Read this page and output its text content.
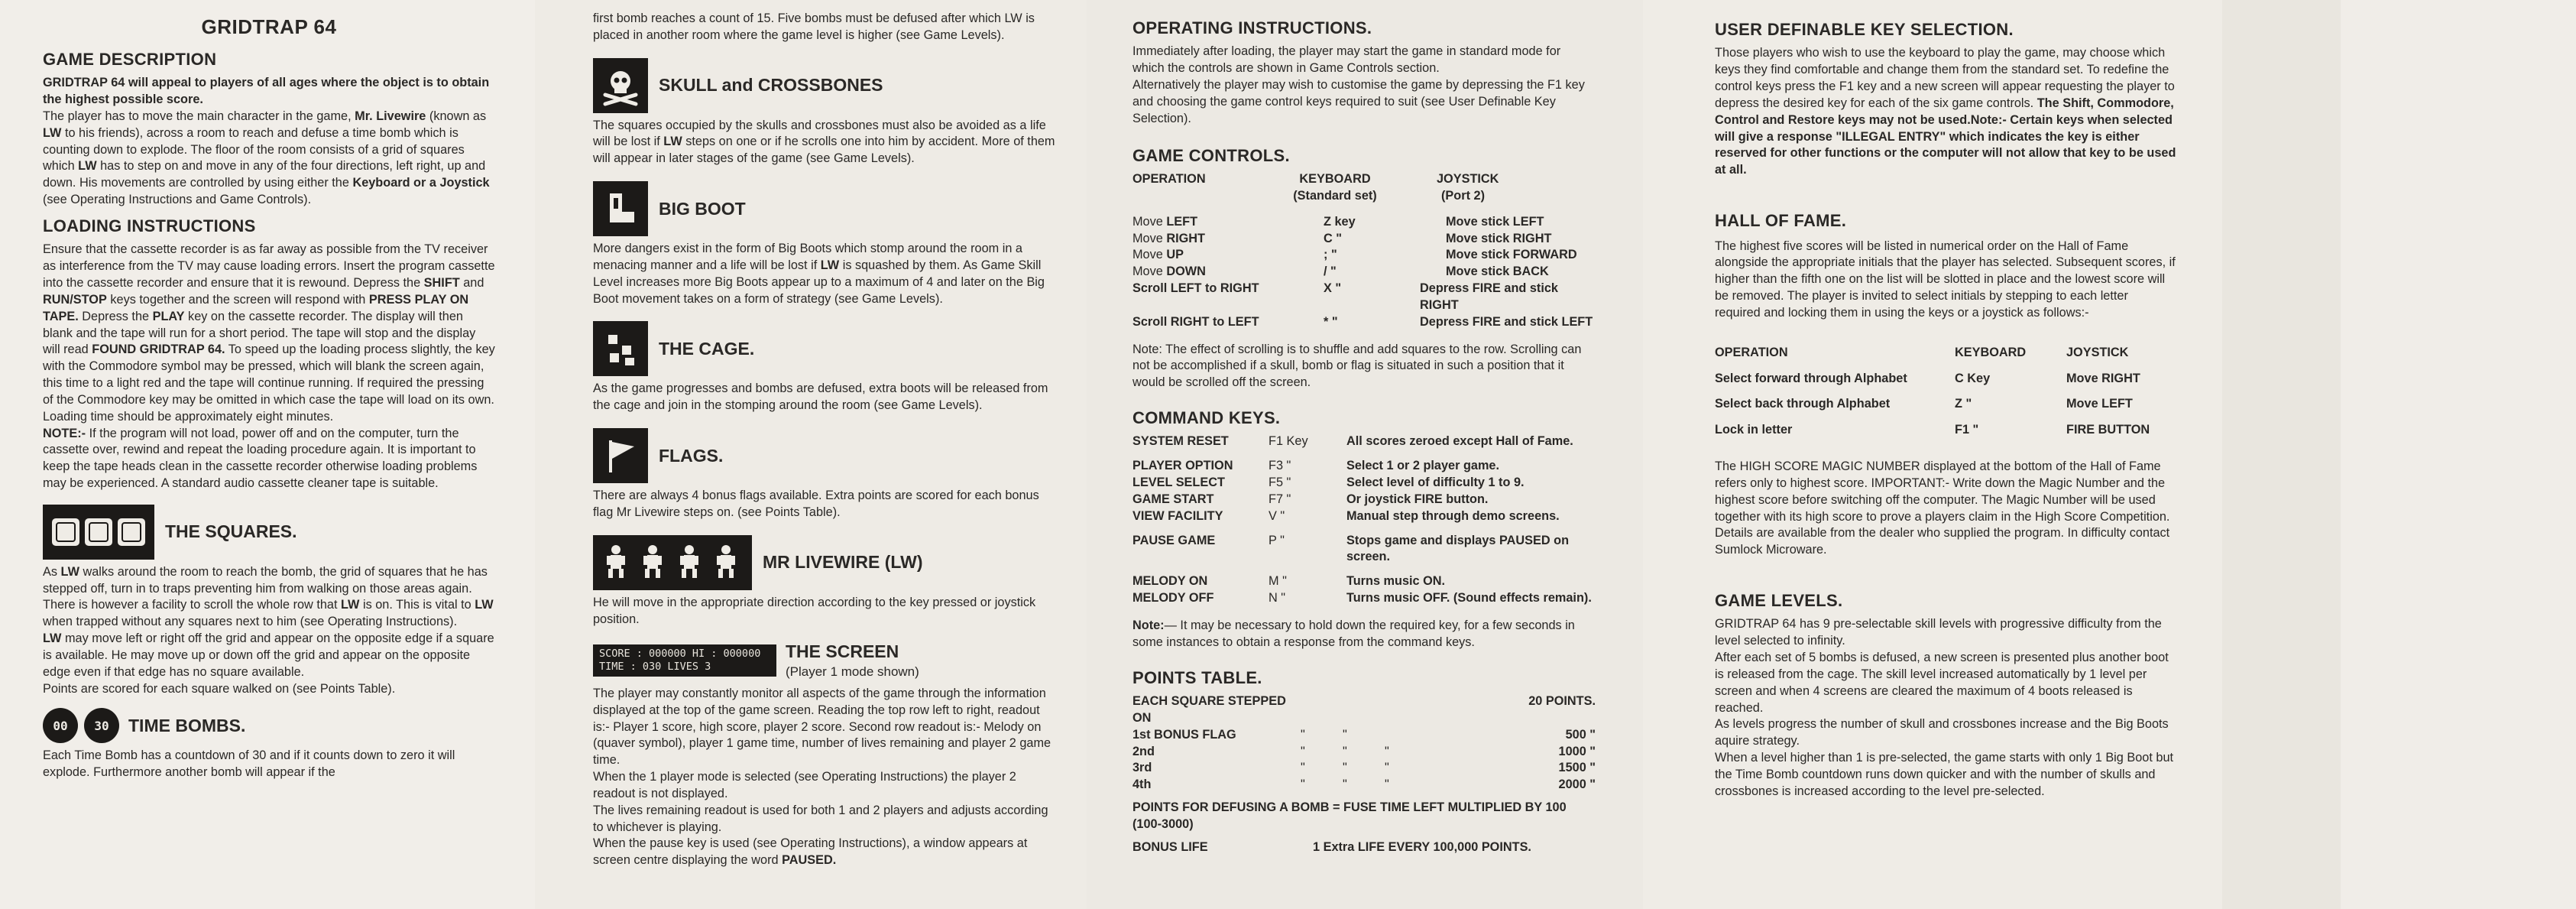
GRIDTRAP 64
GAME DESCRIPTION

GRIDTRAP 64 will appeal to players of all ages where the object is to obtain the highest possible score.

The player has to move the main character in the game, Mr. Livewire (known as LW to his friends), across a room to reach and defuse a time bomb which is counting down to explode. The floor of the room consists of a grid of squares which LW has to step on and move in any of the four directions, left right, up and down. His movements are controlled by using either the Keyboard or a Joystick (see Operating Instructions and Game Controls).

LOADING INSTRUCTIONS

Ensure that the cassette recorder is as far away as possible from the TV receiver as interference from the TV may cause loading errors. Insert the program cassette into the cassette recorder and ensure that it is rewound. Depress the SHIFT and RUN/STOP keys together and the screen will respond with PRESS PLAY ON TAPE. Depress the PLAY key on the cassette recorder. The display will then blank and the tape will run for a short period. The tape will stop and the display will read FOUND GRIDTRAP 64. To speed up the loading process slightly, the key with the Commodore symbol may be pressed, which will blank the screen again, this time to a light red and the tape will continue running. If required the pressing of the Commodore key may be omitted in which case the tape will load on its own. Loading time should be approximately eight minutes.

NOTE:- If the program will not load, power off and on the computer, turn the cassette over, rewind and repeat the loading procedure again. It is important to keep the tape heads clean in the cassette recorder otherwise loading problems may be experienced. A standard audio cassette cleaner tape is suitable.

THE SQUARES.

As LW walks around the room to reach the bomb, the grid of squares that he has stepped off, turn in to traps preventing him from walking on those areas again. There is however a facility to scroll the whole row that LW is on. This is vital to LW when trapped without any squares next to him (see Operating Instructions).

LW may move left or right off the grid and appear on the opposite edge if a square is available. He may move up or down off the grid and appear on the opposite edge even if that edge has no square available.

Points are scored for each square walked on (see Points Table).

00 30 TIME BOMBS.

Each Time Bomb has a countdown of 30 and if it counts down to zero it will explode. Furthermore another bomb will appear if the

first bomb reaches a count of 15. Five bombs must be defused after which LW is placed in another room where the game level is higher (see Game Levels).

SKULL and CROSSBONES

The squares occupied by the skulls and crossbones must also be avoided as a life will be lost if LW steps on one or if he scrolls one into him by accident. More of them will appear in later stages of the game (see Game Levels).

BIG BOOT

More dangers exist in the form of Big Boots which stomp around the room in a menacing manner and a life will be lost if LW is squashed by them. As Game Skill Level increases more Big Boots appear up to a maximum of 4 and later on the Big Boot movement takes on a form of strategy (see Game Levels).

THE CAGE.

As the game progresses and bombs are defused, extra boots will be released from the cage and join in the stomping around the room (see Game Levels).

FLAGS.

There are always 4 bonus flags available. Extra points are scored for each bonus flag Mr Livewire steps on. (see Points Table).

MR LIVEWIRE (LW)

He will move in the appropriate direction according to the key pressed or joystick position.

SCORE : 000000 HI : 000000
TIME : 030 LIVES 3
THE SCREEN
(Player 1 mode shown)

The player may constantly monitor all aspects of the game through the information displayed at the top of the game screen. Reading the top row left to right, readout is:- Player 1 score, high score, player 2 score. Second row readout is:- Melody on (quaver symbol), player 1 game time, number of lives remaining and player 2 game time.

When the 1 player mode is selected (see Operating Instructions) the player 2 readout is not displayed.

The lives remaining readout is used for both 1 and 2 players and adjusts according to whichever is playing.

When the pause key is used (see Operating Instructions), a window appears at screen centre displaying the word PAUSED.

OPERATING INSTRUCTIONS.

Immediately after loading, the player may start the game in standard mode for which the controls are shown in Game Controls section.

Alternatively the player may wish to customise the game by depressing the F1 key and choosing the game control keys required to suit (see User Definable Key Selection).

GAME CONTROLS.
OPERATION	KEYBOARD	JOYSTICK
	(Standard set)	(Port 2)

Move LEFT	Z key	Move stick LEFT
Move RIGHT	C "	Move stick RIGHT
Move UP	; "	Move stick FORWARD
Move DOWN	/ "	Move stick BACK
Scroll LEFT to RIGHT	X "	Depress FIRE and stick RIGHT
Scroll RIGHT to LEFT	* "	Depress FIRE and stick LEFT

Note: The effect of scrolling is to shuffle and add squares to the row. Scrolling can not be accomplished if a skull, bomb or flag is situated in such a position that it would be scrolled off the screen.

COMMAND KEYS.
SYSTEM RESET	F1 Key	All scores zeroed except Hall of Fame.
PLAYER OPTION	F3 "	Select 1 or 2 player game.
LEVEL SELECT	F5 "	Select level of difficulty 1 to 9.
GAME START	F7 "	Or joystick FIRE button.
VIEW FACILITY	V "	Manual step through demo screens.
PAUSE GAME	P "	Stops game and displays PAUSED on screen.
MELODY ON	M "	Turns music ON.
MELODY OFF	N "	Turns music OFF. (Sound effects remain).

Note:— It may be necessary to hold down the required key, for a few seconds in some instances to obtain a response from the command keys.

POINTS TABLE.
EACH SQUARE STEPPED ON				20 POINTS.
1st BONUS FLAG	"	"		500 "
2nd	"	"	"	1000 "
3rd	"	"	"	1500 "
4th	"	"	"	2000 "

POINTS FOR DEFUSING A BOMB = FUSE TIME LEFT MULTIPLIED BY 100 (100-3000)

BONUS LIFE	1 Extra LIFE EVERY 100,000 POINTS.
USER DEFINABLE KEY SELECTION.

Those players who wish to use the keyboard to play the game, may choose which keys they find comfortable and change them from the standard set. To redefine the control keys press the F1 key and a new screen will appear requesting the player to depress the desired key for each of the six game controls. The Shift, Commodore, Control and Restore keys may not be used.Note:- Certain keys when selected will give a response "ILLEGAL ENTRY" which indicates the key is either reserved for other functions or the computer will not allow that key to be used at all.

HALL OF FAME.

The highest five scores will be listed in numerical order on the Hall of Fame alongside the appropriate initials that the player has selected. Subsequent scores, if higher than the fifth one on the list will be slotted in place and the lowest score will be removed. The player is invited to select initials by stepping to each letter required and locking them in using the keys or a joystick as follows:-

OPERATION	KEYBOARD	JOYSTICK
Select forward through Alphabet	C Key	Move RIGHT
Select back through Alphabet	Z "	Move LEFT
Lock in letter	F1 "	FIRE BUTTON

The HIGH SCORE MAGIC NUMBER displayed at the bottom of the Hall of Fame refers only to highest score. IMPORTANT:- Write down the Magic Number and the highest score before switching off the computer. The Magic Number will be used together with its high score to prove a players claim in the High Score Competition. Details are available from the dealer who supplied the program. In difficulty contact Sumlock Microware.

GAME LEVELS.

GRIDTRAP 64 has 9 pre-selectable skill levels with progressive difficulty from the level selected to infinity.

After each set of 5 bombs is defused, a new screen is presented plus another boot is released from the cage. The skill level increased automatically by 1 level per screen and when 4 screens are cleared the maximum of 4 boots released is reached.

As levels progress the number of skull and crossbones increase and the Big Boots aquire strategy.

When a level higher than 1 is pre-selected, the game starts with only 1 Big Boot but the Time Bomb countdown runs down quicker and with the number of skulls and crossbones is increased according to the level pre-selected.
